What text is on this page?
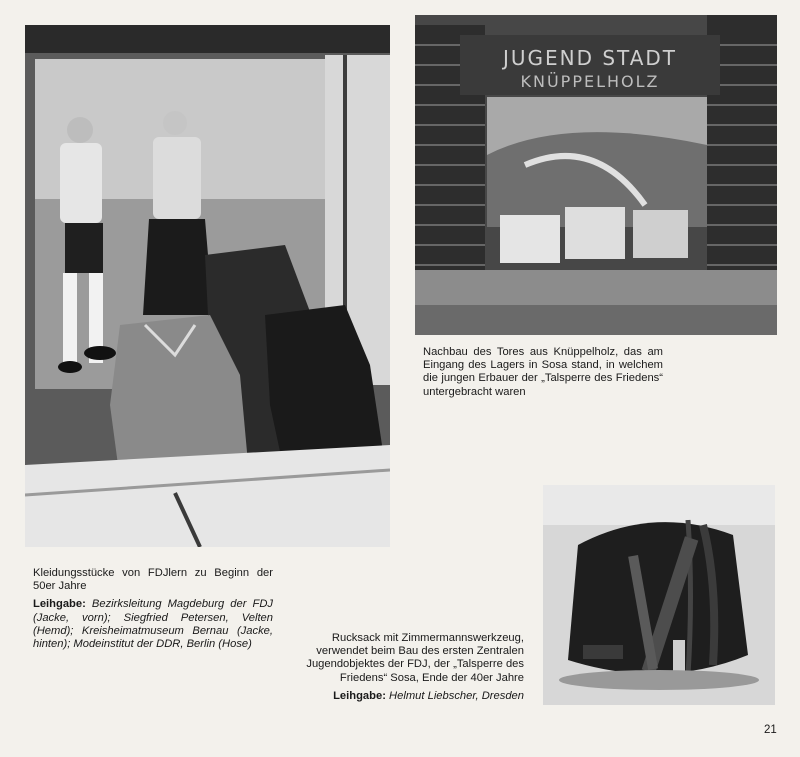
JUGEND STADT
KNÜPPELHOLZ

Kleidungsstücke von FDJlern zu Beginn der 50er Jahre

Leihgabe: Bezirksleitung Magdeburg der FDJ (Jacke, vorn); Siegfried Petersen, Velten (Hemd); Kreisheimatmuseum Bernau (Jacke, hinten); Modeinstitut der DDR, Berlin (Hose)

Nachbau des Tores aus Knüppelholz, das am Eingang des Lagers in Sosa stand, in welchem die jungen Erbauer der „Talsperre des Friedens“ untergebracht waren

Rucksack mit Zimmermannswerkzeug, verwendet beim Bau des ersten Zentralen Jugendobjektes der FDJ, der „Talsperre des Friedens“ Sosa, Ende der 40er Jahre

Leihgabe: Helmut Liebscher, Dresden

21
